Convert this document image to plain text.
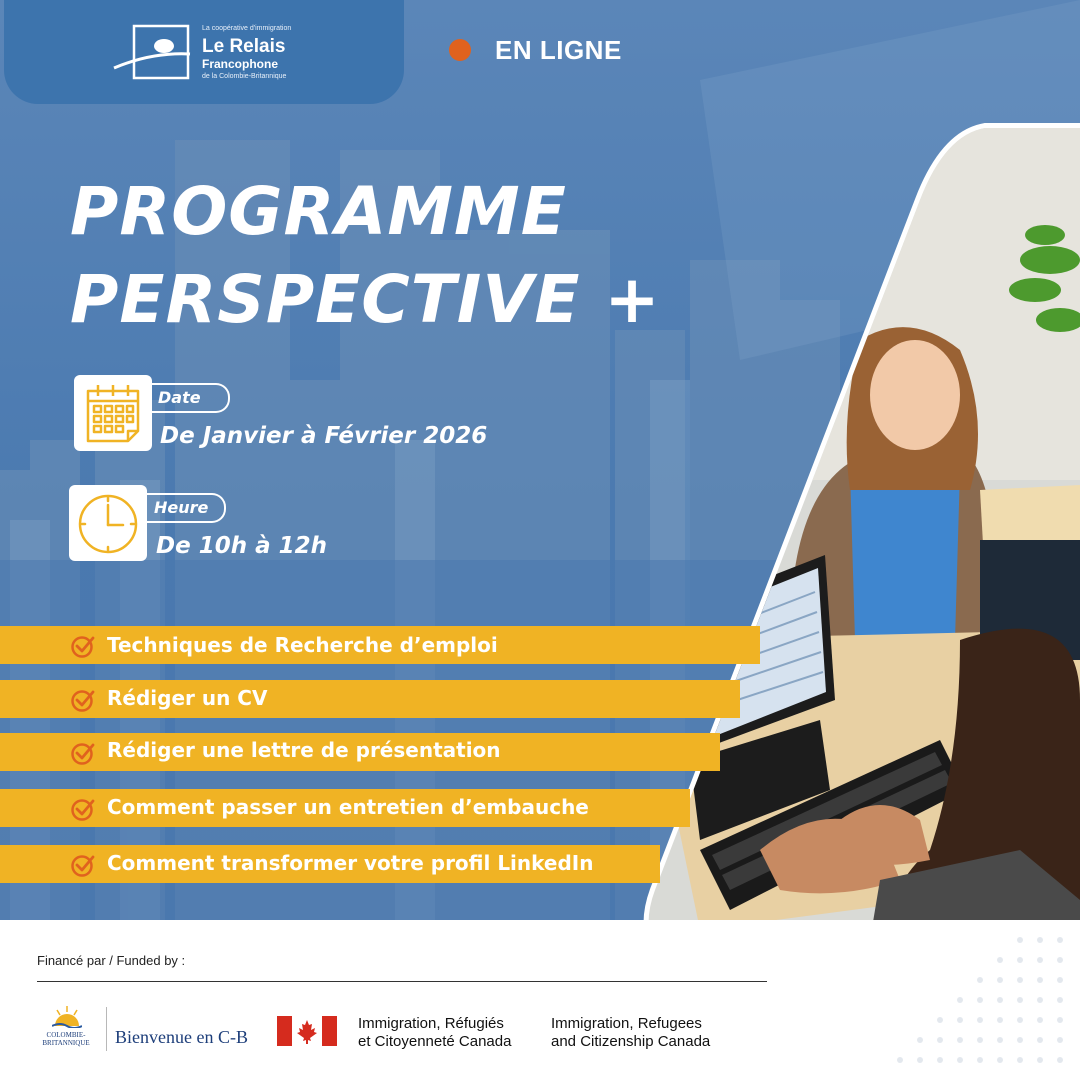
La coopérative d'immigration
Le Relais
Francophone
de la Colombie-Britannique
EN LIGNE
PROGRAMME
PERSPECTIVE +
Date
De Janvier à Février 2026
Heure
De 10h à 12h
Techniques de Recherche d’emploi
Rédiger un CV
Rédiger une lettre de présentation
Comment passer un entretien d’embauche
Comment transformer votre profil LinkedIn
Financé par / Funded by :
COLOMBIE-
BRITANNIQUE Bienvenue en C-B
Immigration, Réfugiés
et Citoyenneté Canada
Immigration, Refugees
and Citizenship Canada
